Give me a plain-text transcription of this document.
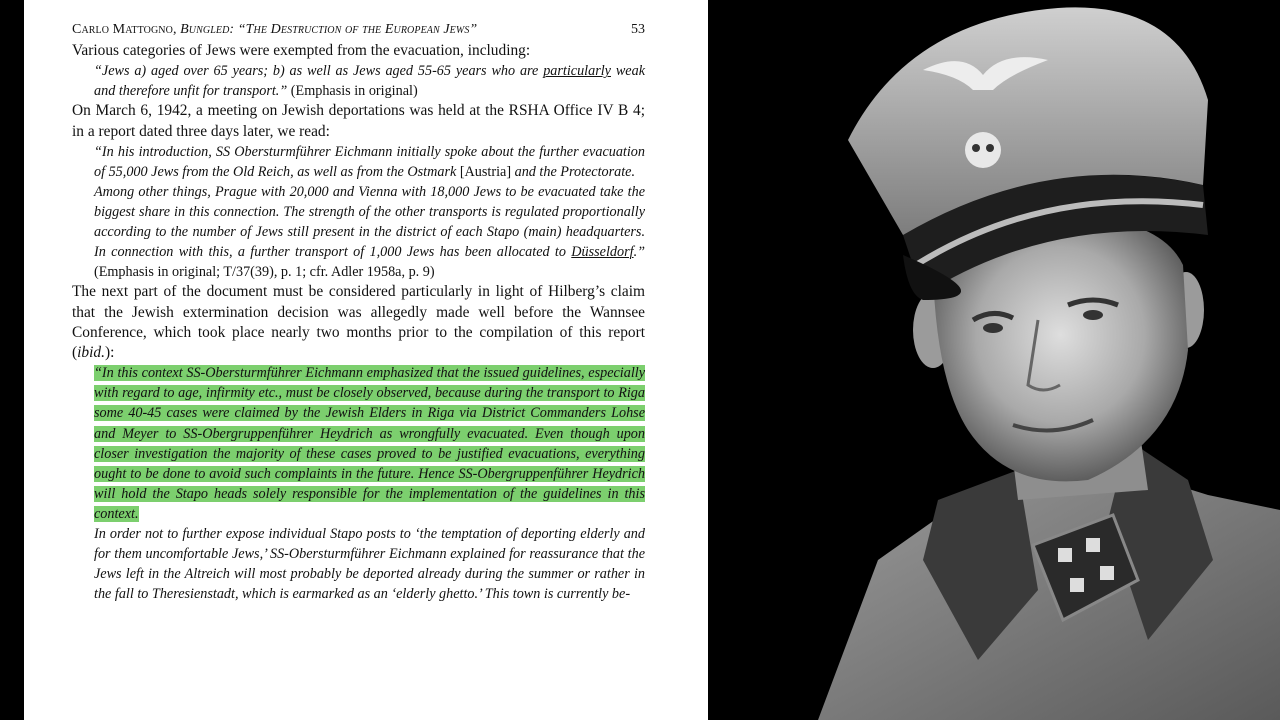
Carlo Mattogno, Bungled: “The Destruction of the European Jews”	53

Various categories of Jews were exempted from the evacuation, including:

“Jews a) aged over 65 years; b) as well as Jews aged 55-65 years who are particularly weak and therefore unfit for transport.” (Emphasis in original)

On March 6, 1942, a meeting on Jewish deportations was held at the RSHA Office IV B 4; in a report dated three days later, we read:

“In his introduction, SS Obersturmführer Eichmann initially spoke about the further evacuation of 55,000 Jews from the Old Reich, as well as from the Ostmark [Austria] and the Protectorate.

Among other things, Prague with 20,000 and Vienna with 18,000 Jews to be evacuated take the biggest share in this connection. The strength of the other transports is regulated proportionally according to the number of Jews still present in the district of each Stapo (main) headquarters. In connection with this, a further transport of 1,000 Jews has been allocated to Düsseldorf.” (Emphasis in original; T/37(39), p. 1; cfr. Adler 1958a, p. 9)

The next part of the document must be considered particularly in light of Hilberg’s claim that the Jewish extermination decision was allegedly made well before the Wannsee Conference, which took place nearly two months prior to the compilation of this report (ibid.):

“In this context SS-Obersturmführer Eichmann emphasized that the issued guidelines, especially with regard to age, infirmity etc., must be closely observed, because during the transport to Riga some 40-45 cases were claimed by the Jewish Elders in Riga via District Commanders Lohse and Meyer to SS-Obergruppenführer Heydrich as wrongfully evacuated. Even though upon closer investigation the majority of these cases proved to be justified evacuations, everything ought to be done to avoid such complaints in the future. Hence SS-Obergruppenführer Heydrich will hold the Stapo heads solely responsible for the implementation of the guidelines in this context.

In order not to further expose individual Stapo posts to ‘the temptation of deporting elderly and for them uncomfortable Jews,’ SS-Obersturmführer Eichmann explained for reassurance that the Jews left in the Altreich will most probably be deported already during the summer or rather in the fall to Theresienstadt, which is earmarked as an ‘elderly ghetto.’ This town is currently be-
